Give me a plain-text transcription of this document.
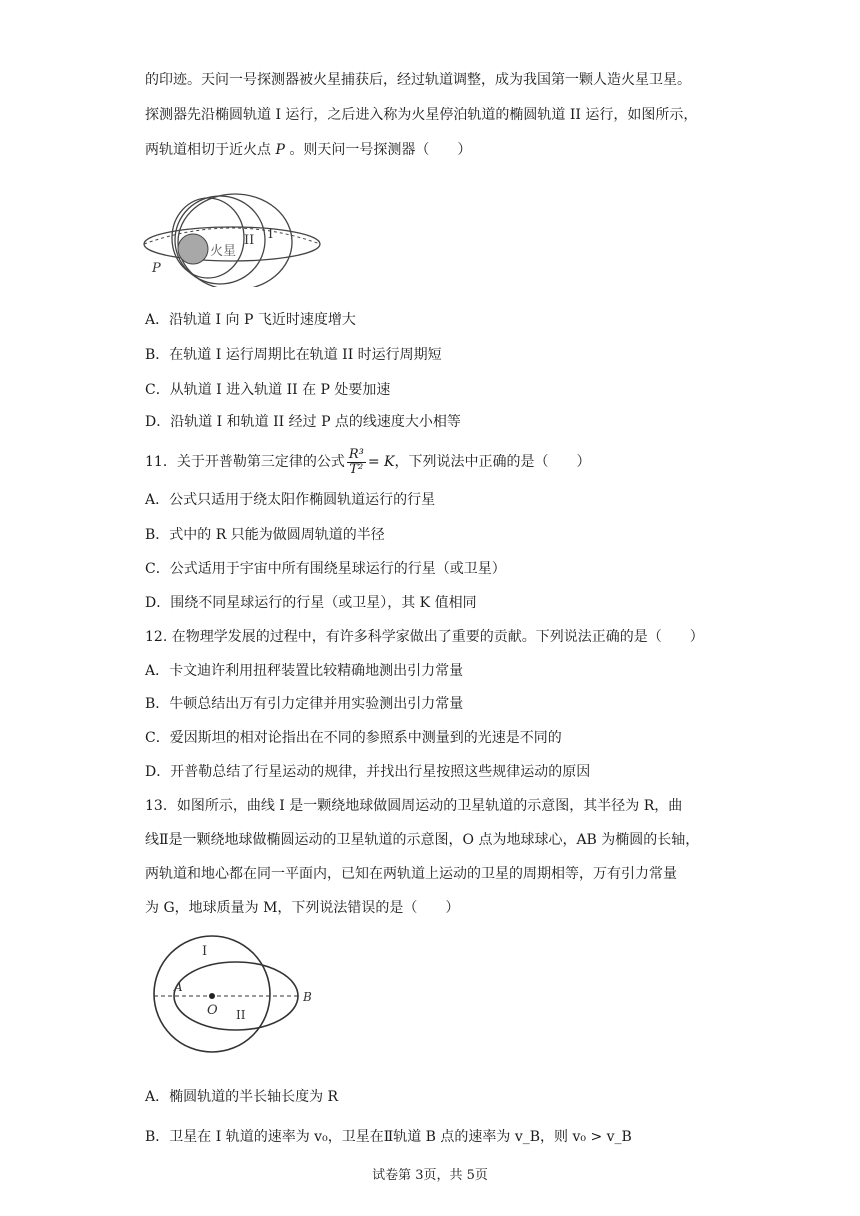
的印迹。天问一号探测器被火星捕获后，经过轨道调整，成为我国第一颗人造火星卫星。
探测器先沿椭圆轨道 I 运行，之后进入称为火星停泊轨道的椭圆轨道 II 运行，如图所示，
两轨道相切于近火点 P 。则天问一号探测器（　　）
火星
II I
P
A．沿轨道 I 向 P 飞近时速度增大
B．在轨道 I 运行周期比在轨道 II 时运行周期短
C．从轨道 I 进入轨道 II 在 P 处要加速
D．沿轨道 I 和轨道 II 经过 P 点的线速度大小相等
11．关于开普勒第三定律的公式 $\frac{\text{R³}}{\text{T²}} = K$，下列说法中正确的是（　　）
A．公式只适用于绕太阳作椭圆轨道运行的行星
B．式中的 R 只能为做圆周轨道的半径
C．公式适用于宇宙中所有围绕星球运行的行星（或卫星）
D．围绕不同星球运行的行星（或卫星），其 K 值相同
12. 在物理学发展的过程中，有许多科学家做出了重要的贡献。下列说法正确的是（　　）
A．卡文迪许利用扭秤装置比较精确地测出引力常量
B．牛顿总结出万有引力定律并用实验测出引力常量
C．爱因斯坦的相对论指出在不同的参照系中测量到的光速是不同的
D．开普勒总结了行星运动的规律，并找出行星按照这些规律运动的原因
13．如图所示，曲线 I 是一颗绕地球做圆周运动的卫星轨道的示意图，其半径为 R，曲
线Ⅱ是一颗绕地球做椭圆运动的卫星轨道的示意图，O 点为地球球心，AB 为椭圆的长轴，
两轨道和地心都在同一平面内，已知在两轨道上运动的卫星的周期相等，万有引力常量
为 G，地球质量为 M，下列说法错误的是（　　）
I
II
A
B
O
A．椭圆轨道的半长轴长度为 R
B．卫星在 I 轨道的速率为 v₀，卫星在Ⅱ轨道 B 点的速率为 v_B，则 v₀ > v_B
试卷第 3页，共 5页
